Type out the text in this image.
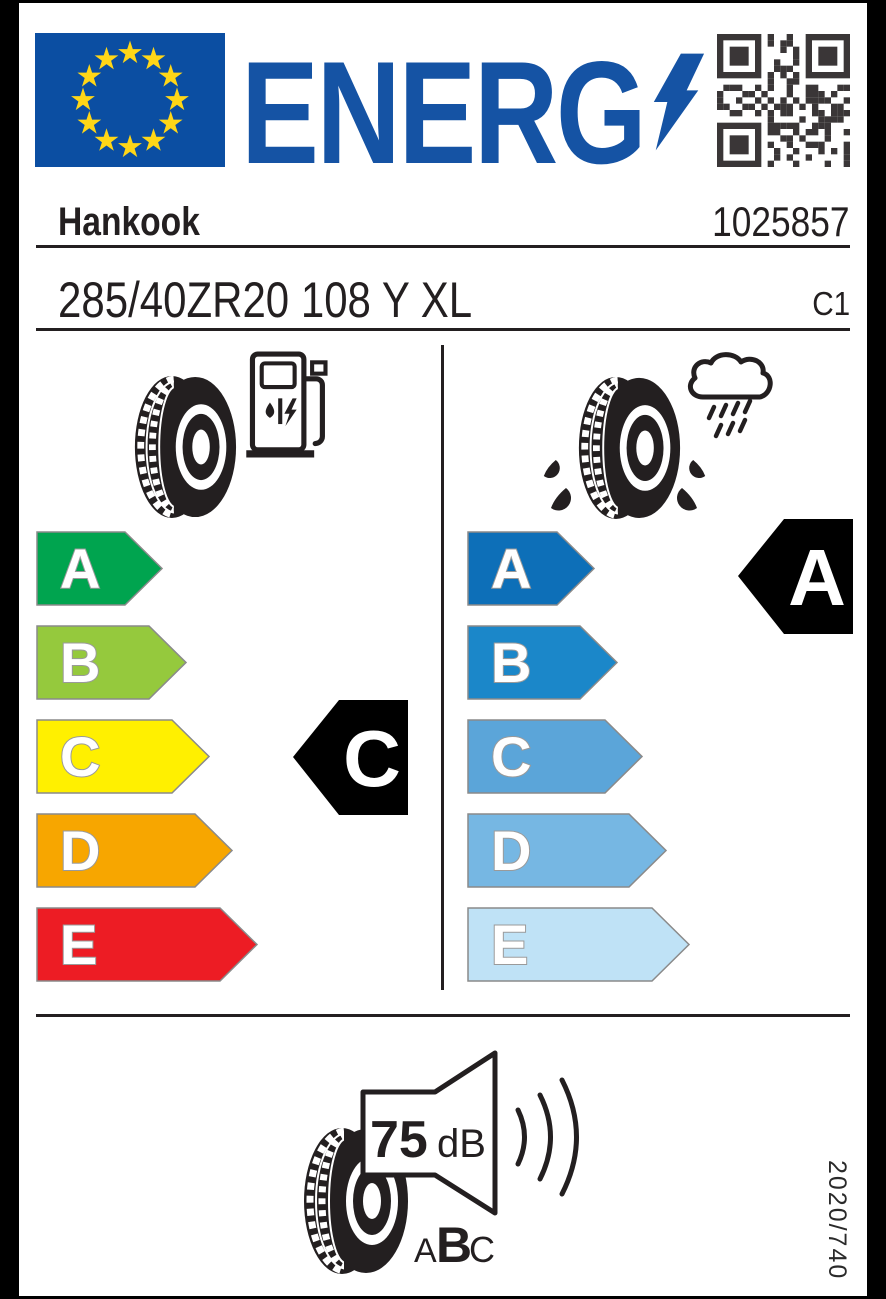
ENERG
Hankook	1025857
285/40ZR20 108 Y XL	C1
A
B
C
D
E
C
A
B
C
D
E
A
75 dB
A B
C	2020/740
